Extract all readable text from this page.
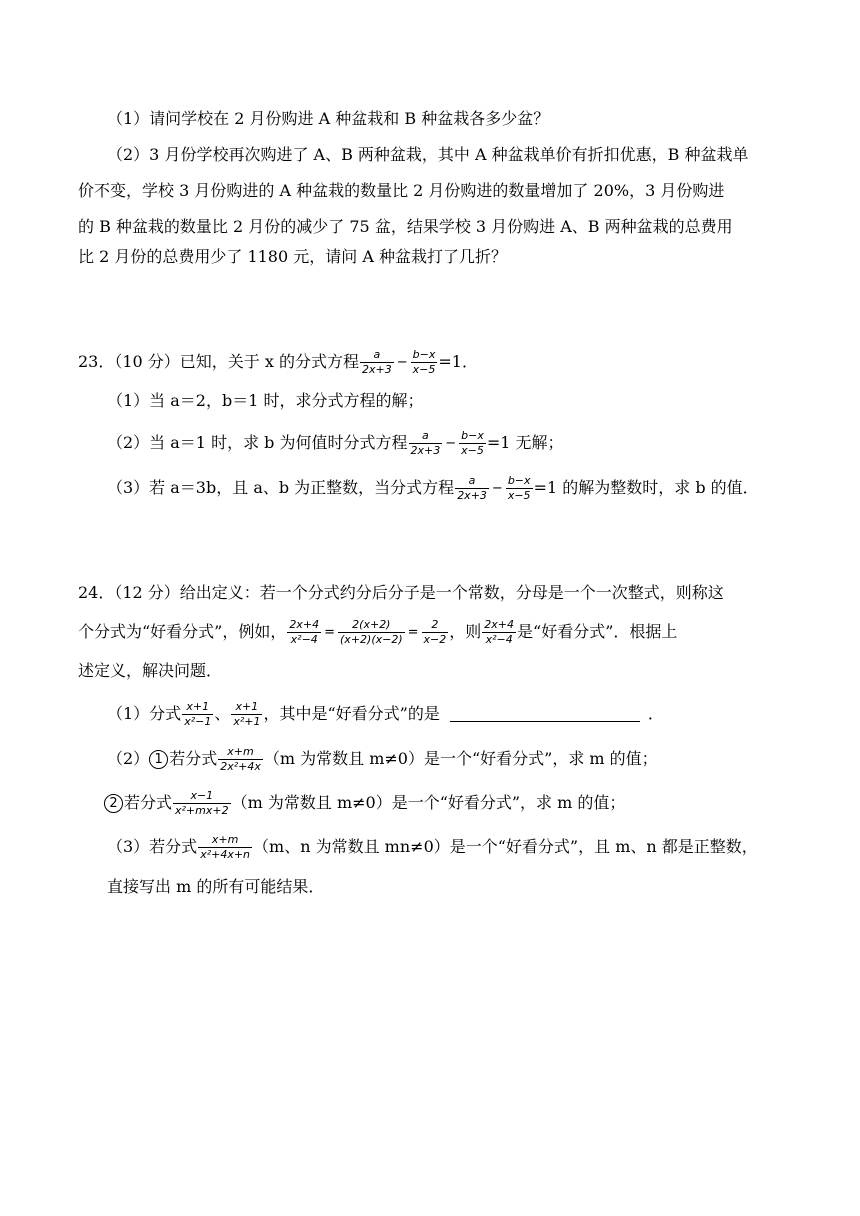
（1）请问学校在 2 月份购进 A 种盆栽和 B 种盆栽各多少盆？
（2）3 月份学校再次购进了 A、B 两种盆栽，其中 A 种盆栽单价有折扣优惠，B 种盆栽单
价不变，学校 3 月份购进的 A 种盆栽的数量比 2 月份购进的数量增加了 20%，3 月份购进
的 B 种盆栽的数量比 2 月份的减少了 75 盆，结果学校 3 月份购进 A、B 两种盆栽的总费用
比 2 月份的总费用少了 1180 元，请问 A 种盆栽打了几折？
23．（10 分）已知，关于 x 的分式方程 $\frac{a}{2x+3} - \frac{b-x}{x-5} =1$．
（1）当 a＝2，b＝1 时，求分式方程的解；
（2）当 a＝1 时，求 b 为何值时分式方程 $\frac{a}{2x+3} - \frac{b-x}{x-5} =1$ 无解；
（3）若 a＝3b，且 a、b 为正整数，当分式方程 $\frac{a}{2x+3} - \frac{b-x}{x-5} =1$ 的解为整数时，求 b 的值．
24．（12 分）给出定义：若一个分式约分后分子是一个常数，分母是一个一次整式，则称这
个分式为“好看分式”，例如， $\frac{2x+4}{\text{x²−4}} = \frac{2(x+2)}{(x+2)(x-2)} = \frac{2}{x-2}$ ，则 $\frac{2x+4}{\text{x²−4}}$ 是“好看分式”．根据上
述定义，解决问题．
（1）分式 $\frac{x+1}{\text{x²−1}}$ 、 $\frac{x+1}{\text{x²+1}}$ ，其中是“好看分式”的是	．
（2） 1 若分式 $\frac{x+m}{\text{2x²+4x}} (m$ 为常数且 m≠0）是一个“好看分式”，求 m 的值；
2 若分式 $\frac{x-1}{\text{x²+mx+2}} (m$ 为常数且 m≠0）是一个“好看分式”，求 m 的值；
（3）若分式 $\frac{x+m}{\text{x²+4x+n}} (m$、n 为常数且 mn≠0）是一个“好看分式”，且 m、n 都是正整数，
直接写出 m 的所有可能结果．
